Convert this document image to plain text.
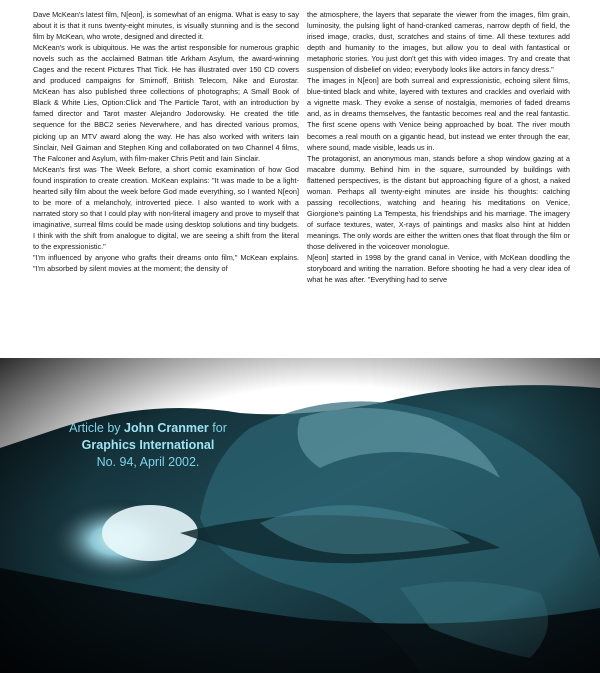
Dave McKean's latest film, N[eon], is somewhat of an enigma. What is easy to say about it is that it runs twenty-eight minutes, is visually stunning and is the second film by McKean, who wrote, designed and directed it.

McKean's work is ubiquitous. He was the artist responsible for numerous graphic novels such as the acclaimed Batman title Arkham Asylum, the award-winning Cages and the recent Pictures That Tick. He has illustrated over 150 CD covers and produced campaigns for Smirnoff, British Telecom, Nike and Eurostar. McKean has also published three collections of photographs; A Small Book of Black & White Lies, Option:Click and The Particle Tarot, with an introduction by famed director and Tarot master Alejandro Jodorowsky. He created the title sequence for the BBC2 series Neverwhere, and has directed various promos, picking up an MTV award along the way. He has also worked with writers Iain Sinclair, Neil Gaiman and Stephen King and collaborated on two Channel 4 films, The Falconer and Asylum, with film-maker Chris Petit and Iain Sinclair.

McKean's first was The Week Before, a short comic examination of how God found inspiration to create creation. McKean explains: "It was made to be a light-hearted silly film about the week before God made everything, so I wanted N[eon] to be more of a melancholy, introverted piece. I also wanted to work with a narrated story so that I could play with non-literal imagery and prove to myself that imaginative, surreal films could be made using desktop solutions and tiny budgets. I think with the shift from analogue to digital, we are seeing a shift from the literal to the expressionistic."

"I'm influenced by anyone who grafts their dreams onto film," McKean explains. "I'm absorbed by silent movies at the moment; the density of

the atmosphere, the layers that separate the viewer from the images, film grain, luminosity, the pulsing light of hand-cranked cameras, narrow depth of field, the irised image, cracks, dust, scratches and stains of time. All these textures add depth and humanity to the images, but allow you to deal with fantastical or metaphoric stories. You just don't get this with video images. Try and create that suspension of disbelief on video; everybody looks like actors in fancy dress."

The images in N[eon] are both surreal and expressionistic, echoing silent films, blue-tinted black and white, layered with textures and crackles and overlaid with a vignette mask. They evoke a sense of nostalgia, memories of faded dreams and, as in dreams themselves, the fantastic becomes real and the real fantastic. The first scene opens with Venice being approached by boat. The river mouth becomes a real mouth on a gigantic head, but instead we enter through the ear, where sound, made visible, leads us in.

The protagonist, an anonymous man, stands before a shop window gazing at a macabre dummy. Behind him in the square, surrounded by buildings with flattened perspectives, is the distant but approaching figure of a ghost, a naked woman. Perhaps all twenty-eight minutes are inside his thoughts: catching passing recollections, watching and hearing his meditations on Venice, Giorgione's painting La Tempesta, his friendships and his marriage. The imagery of surface textures, water, X-rays of paintings and masks also hint at hidden meanings. The only words are either the written ones that float through the film or those delivered in the voiceover monologue.

N[eon] started in 1998 by the grand canal in Venice, with McKean doodling the storyboard and writing the narration. Before shooting he had a very clear idea of what he was after. "Everything had to serve

Article by John Cranmer for
Graphics International
No. 94, April 2002.
